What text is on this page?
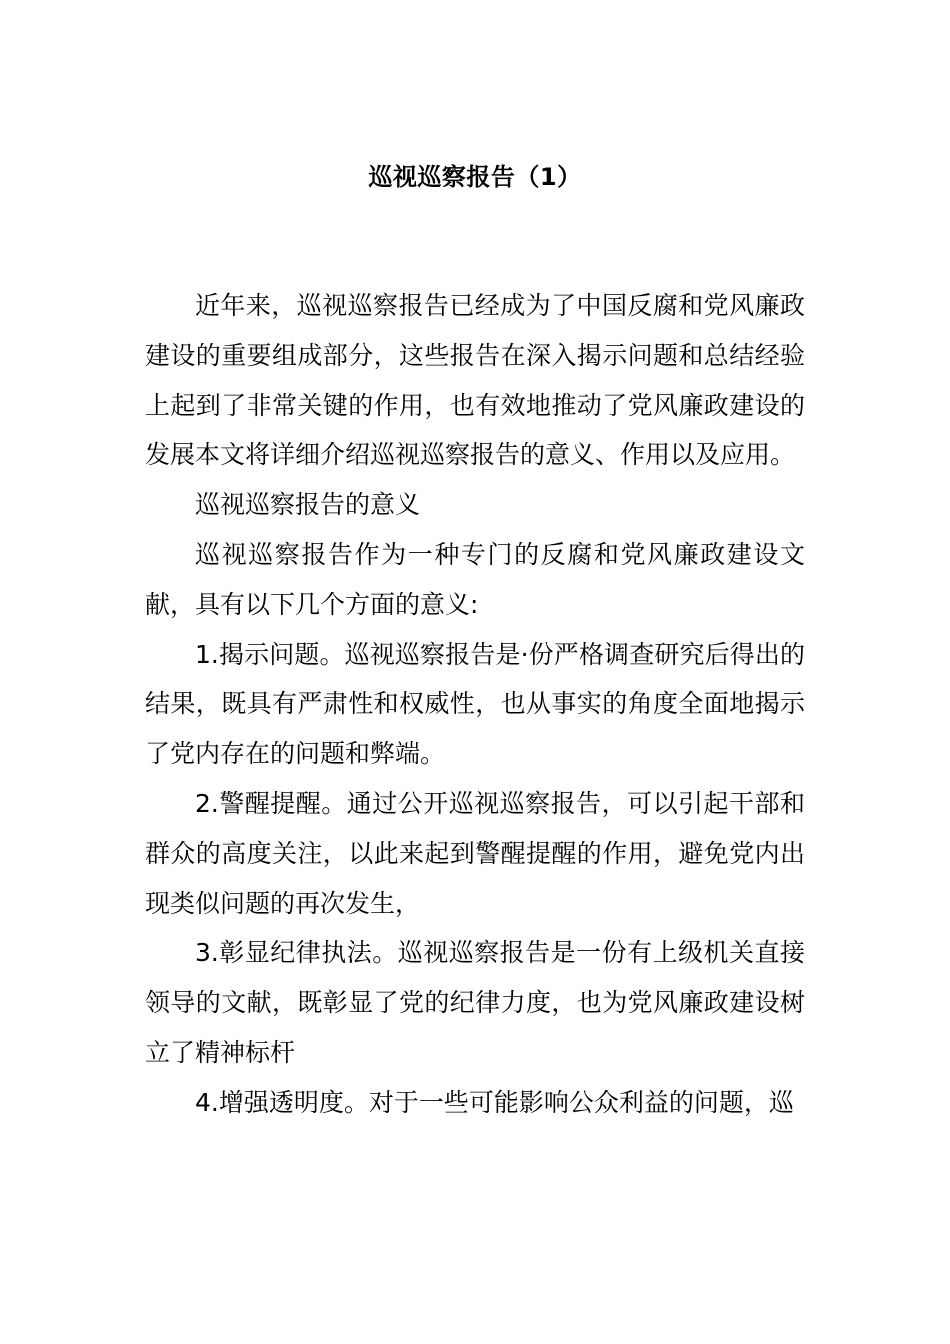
巡视巡察报告（1）

近年来，巡视巡察报告已经成为了中国反腐和党风廉政建设的重要组成部分，这些报告在深入揭示问题和总结经验上起到了非常关键的作用，也有效地推动了党风廉政建设的发展本文将详细介绍巡视巡察报告的意义、作用以及应用。

巡视巡察报告的意义

巡视巡察报告作为一种专门的反腐和党风廉政建设文献，具有以下几个方面的意义:

1.揭示问题。巡视巡察报告是·份严格调查研究后得出的结果，既具有严肃性和权威性，也从事实的角度全面地揭示了党内存在的问题和弊端。

2.警醒提醒。通过公开巡视巡察报告，可以引起干部和群众的高度关注，以此来起到警醒提醒的作用，避免党内出现类似问题的再次发生，

3.彰显纪律执法。巡视巡察报告是一份有上级机关直接领导的文献，既彰显了党的纪律力度，也为党风廉政建设树立了精神标杆

4.增强透明度。对于一些可能影响公众利益的问题，巡
